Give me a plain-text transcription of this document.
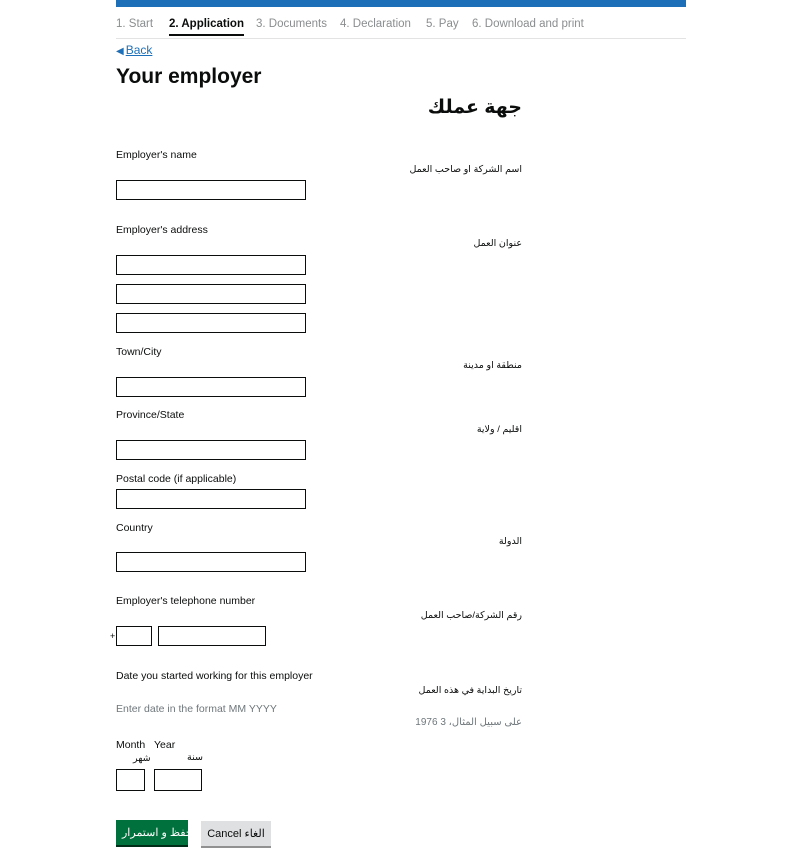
1. Start 2. Application 3. Documents 4. Declaration 5. Pay 6. Download and print
◀ Back
Your employer
جهة عملك
Employer's name
اسم الشركة او صاحب العمل
Employer's address
عنوان العمل
Town/City
منطقة او مدينة
Province/State
اقليم / ولاية
Postal code (if applicable)
Country
الدولة
Employer's telephone number
رقم الشركة/صاحب العمل
+
Date you started working for this employer
تاريخ البداية في هذه العمل
Enter date in the format MM YYYY
على سبيل المثال، 3 1976
Month Year
شهر	سنة
حفظ و استمرار	Cancel الغاء
